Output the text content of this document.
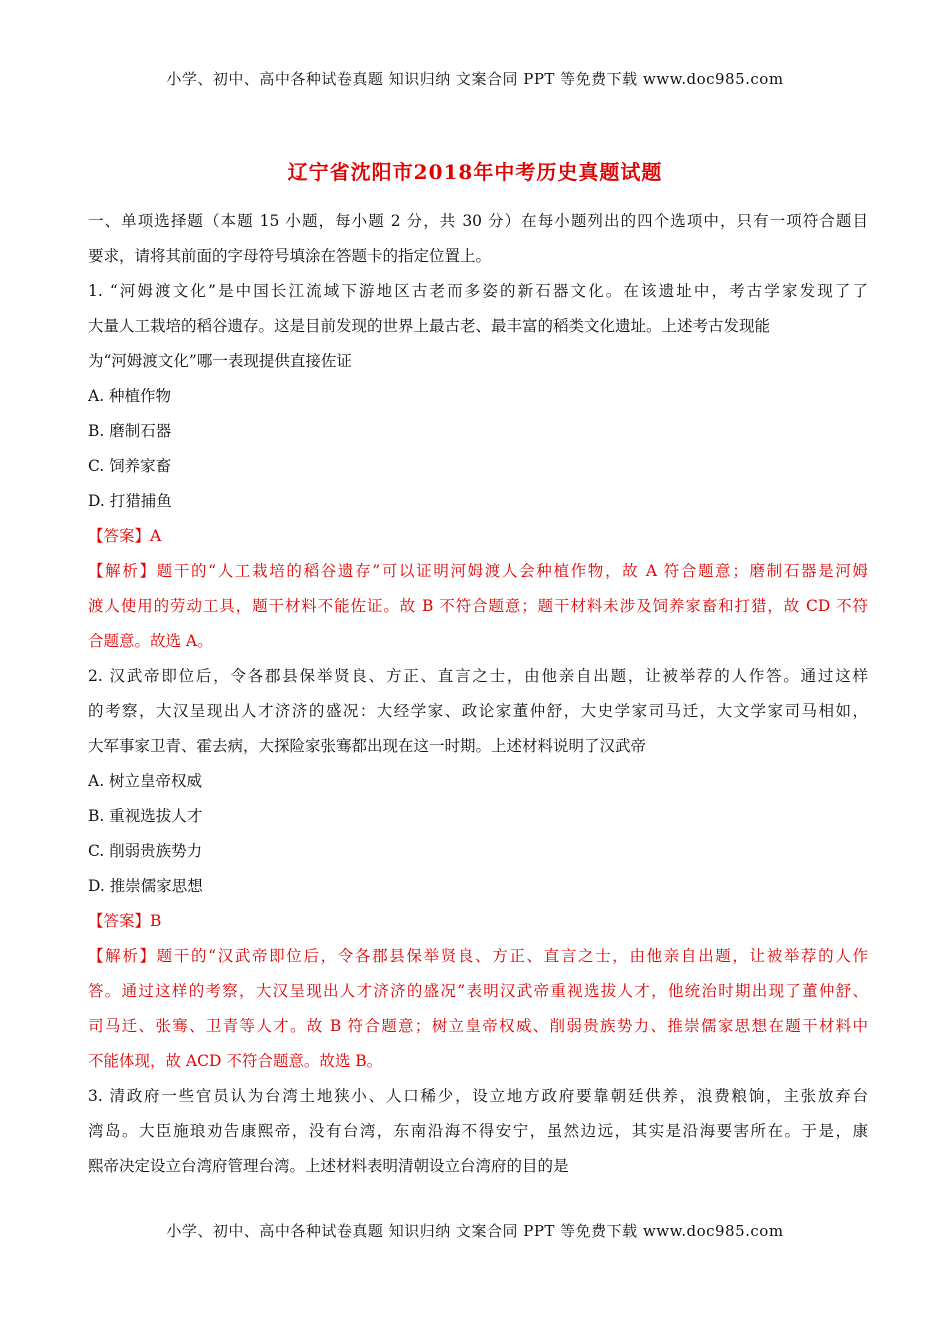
小学、初中、高中各种试卷真题 知识归纳 文案合同 PPT 等免费下载 www.doc985.com
辽宁省沈阳市2018年中考历史真题试题
一、单项选择题（本题 15 小题，每小题 2 分，共 30 分）在每小题列出的四个选项中，只有一项符合题目
要求，请将其前面的字母符号填涂在答题卡的指定位置上。
1. “河姆渡文化”是中国长江流域下游地区古老而多姿的新石器文化。在该遗址中，考古学家发现了了
大量人工栽培的稻谷遗存。这是目前发现的世界上最古老、最丰富的稻类文化遗址。上述考古发现能
为“河姆渡文化”哪一表现提供直接佐证
A. 种植作物
B. 磨制石器
C. 饲养家畜
D. 打猎捕鱼
【答案】A
【解析】题干的“人工栽培的稻谷遗存”可以证明河姆渡人会种植作物，故 A 符合题意；磨制石器是河姆
渡人使用的劳动工具，题干材料不能佐证。故 B 不符合题意；题干材料未涉及饲养家畜和打猎，故 CD 不符
合题意。故选 A。
2. 汉武帝即位后，令各郡县保举贤良、方正、直言之士，由他亲自出题，让被举荐的人作答。通过这样
的考察，大汉呈现出人才济济的盛况：大经学家、政论家董仲舒，大史学家司马迁，大文学家司马相如，
大军事家卫青、霍去病，大探险家张骞都出现在这一时期。上述材料说明了汉武帝
A. 树立皇帝权威
B. 重视选拔人才
C. 削弱贵族势力
D. 推崇儒家思想
【答案】B
【解析】题干的“汉武帝即位后，令各郡县保举贤良、方正、直言之士，由他亲自出题，让被举荐的人作
答。通过这样的考察，大汉呈现出人才济济的盛况”表明汉武帝重视选拔人才，他统治时期出现了董仲舒、
司马迁、张骞、卫青等人才。故 B 符合题意；树立皇帝权威、削弱贵族势力、推崇儒家思想在题干材料中
不能体现，故 ACD 不符合题意。故选 B。
3. 清政府一些官员认为台湾土地狭小、人口稀少，设立地方政府要靠朝廷供养，浪费粮饷，主张放弃台
湾岛。大臣施琅劝告康熙帝，没有台湾，东南沿海不得安宁，虽然边远，其实是沿海要害所在。于是，康
熙帝决定设立台湾府管理台湾。上述材料表明清朝设立台湾府的目的是
小学、初中、高中各种试卷真题 知识归纳 文案合同 PPT 等免费下载 www.doc985.com
